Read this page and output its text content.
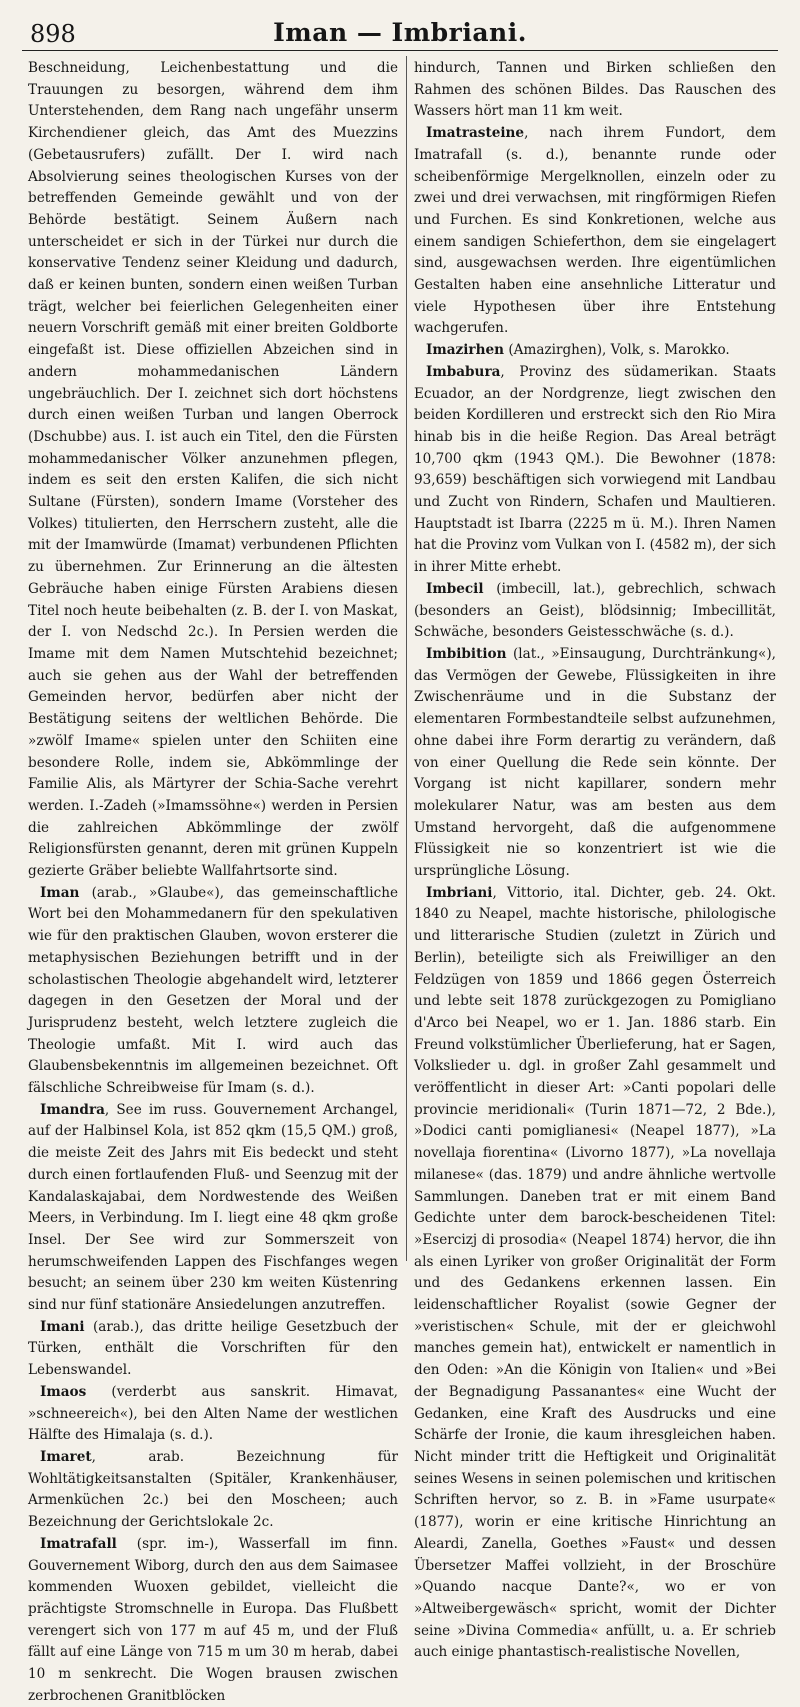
898	Iman — Imbriani.

Beschneidung, Leichenbestattung und die Trauungen zu besorgen, während dem ihm Unterstehenden, dem Rang nach ungefähr unserm Kirchendiener gleich, das Amt des Muezzins (Gebetausrufers) zufällt. Der I. wird nach Absolvierung seines theologischen Kurses von der betreffenden Gemeinde gewählt und von der Behörde bestätigt. Seinem Äußern nach unterscheidet er sich in der Türkei nur durch die konservative Tendenz seiner Kleidung und dadurch, daß er keinen bunten, sondern einen weißen Turban trägt, welcher bei feierlichen Gelegenheiten einer neuern Vorschrift gemäß mit einer breiten Goldborte eingefaßt ist. Diese offiziellen Abzeichen sind in andern mohammedanischen Ländern ungebräuchlich. Der I. zeichnet sich dort höchstens durch einen weißen Turban und langen Oberrock (Dschubbe) aus. I. ist auch ein Titel, den die Fürsten mohammedanischer Völker anzunehmen pflegen, indem es seit den ersten Kalifen, die sich nicht Sultane (Fürsten), sondern Imame (Vorsteher des Volkes) titulierten, den Herrschern zusteht, alle die mit der Imamwürde (Imamat) verbundenen Pflichten zu übernehmen. Zur Erinnerung an die ältesten Gebräuche haben einige Fürsten Arabiens diesen Titel noch heute beibehalten (z. B. der I. von Maskat, der I. von Nedschd 2c.). In Persien werden die Imame mit dem Namen Mutschtehid bezeichnet; auch sie gehen aus der Wahl der betreffenden Gemeinden hervor, bedürfen aber nicht der Bestätigung seitens der weltlichen Behörde. Die »zwölf Imame« spielen unter den Schiiten eine besondere Rolle, indem sie, Abkömmlinge der Familie Alis, als Märtyrer der Schia-Sache verehrt werden. I.-Zadeh (»Imamssöhne«) werden in Persien die zahlreichen Abkömmlinge der zwölf Religionsfürsten genannt, deren mit grünen Kuppeln gezierte Gräber beliebte Wallfahrtsorte sind.

Iman (arab., »Glaube«), das gemeinschaftliche Wort bei den Mohammedanern für den spekulativen wie für den praktischen Glauben, wovon ersterer die metaphysischen Beziehungen betrifft und in der scholastischen Theologie abgehandelt wird, letzterer dagegen in den Gesetzen der Moral und der Jurisprudenz besteht, welch letztere zugleich die Theologie umfaßt. Mit I. wird auch das Glaubensbekenntnis im allgemeinen bezeichnet. Oft fälschliche Schreibweise für Imam (s. d.).

Imandra, See im russ. Gouvernement Archangel, auf der Halbinsel Kola, ist 852 qkm (15,5 QM.) groß, die meiste Zeit des Jahrs mit Eis bedeckt und steht durch einen fortlaufenden Fluß- und Seenzug mit der Kandalaskajabai, dem Nordwestende des Weißen Meers, in Verbindung. Im I. liegt eine 48 qkm große Insel. Der See wird zur Sommerszeit von herumschweifenden Lappen des Fischfanges wegen besucht; an seinem über 230 km weiten Küstenring sind nur fünf stationäre Ansiedelungen anzutreffen.

Imani (arab.), das dritte heilige Gesetzbuch der Türken, enthält die Vorschriften für den Lebenswandel.

Imaos (verderbt aus sanskrit. Himavat, »schneereich«), bei den Alten Name der westlichen Hälfte des Himalaja (s. d.).

Imaret, arab. Bezeichnung für Wohltätigkeitsanstalten (Spitäler, Krankenhäuser, Armenküchen 2c.) bei den Moscheen; auch Bezeichnung der Gerichtslokale 2c.

Imatrafall (spr. im-), Wasserfall im finn. Gouvernement Wiborg, durch den aus dem Saimasee kommenden Wuoxen gebildet, vielleicht die prächtigste Stromschnelle in Europa. Das Flußbett verengert sich von 177 m auf 45 m, und der Fluß fällt auf eine Länge von 715 m um 30 m herab, dabei 10 m senkrecht. Die Wogen brausen zwischen zerbrochenen Granitblöcken

hindurch, Tannen und Birken schließen den Rahmen des schönen Bildes. Das Rauschen des Wassers hört man 11 km weit.

Imatrasteine, nach ihrem Fundort, dem Imatrafall (s. d.), benannte runde oder scheibenförmige Mergelknollen, einzeln oder zu zwei und drei verwachsen, mit ringförmigen Riefen und Furchen. Es sind Konkretionen, welche aus einem sandigen Schieferthon, dem sie eingelagert sind, ausgewachsen werden. Ihre eigentümlichen Gestalten haben eine ansehnliche Litteratur und viele Hypothesen über ihre Entstehung wachgerufen.

Imazirhen (Amazirghen), Volk, s. Marokko.

Imbabura, Provinz des südamerikan. Staats Ecuador, an der Nordgrenze, liegt zwischen den beiden Kordilleren und erstreckt sich den Rio Mira hinab bis in die heiße Region. Das Areal beträgt 10,700 qkm (1943 QM.). Die Bewohner (1878: 93,659) beschäftigen sich vorwiegend mit Landbau und Zucht von Rindern, Schafen und Maultieren. Hauptstadt ist Ibarra (2225 m ü. M.). Ihren Namen hat die Provinz vom Vulkan von I. (4582 m), der sich in ihrer Mitte erhebt.

Imbecil (imbecill, lat.), gebrechlich, schwach (besonders an Geist), blödsinnig; Imbecillität, Schwäche, besonders Geistesschwäche (s. d.).

Imbibition (lat., »Einsaugung, Durchtränkung«), das Vermögen der Gewebe, Flüssigkeiten in ihre Zwischenräume und in die Substanz der elementaren Formbestandteile selbst aufzunehmen, ohne dabei ihre Form derartig zu verändern, daß von einer Quellung die Rede sein könnte. Der Vorgang ist nicht kapillarer, sondern mehr molekularer Natur, was am besten aus dem Umstand hervorgeht, daß die aufgenommene Flüssigkeit nie so konzentriert ist wie die ursprüngliche Lösung.

Imbriani, Vittorio, ital. Dichter, geb. 24. Okt. 1840 zu Neapel, machte historische, philologische und litterarische Studien (zuletzt in Zürich und Berlin), beteiligte sich als Freiwilliger an den Feldzügen von 1859 und 1866 gegen Österreich und lebte seit 1878 zurückgezogen zu Pomigliano d'Arco bei Neapel, wo er 1. Jan. 1886 starb. Ein Freund volkstümlicher Überlieferung, hat er Sagen, Volkslieder u. dgl. in großer Zahl gesammelt und veröffentlicht in dieser Art: »Canti popolari delle provincie meridionali« (Turin 1871—72, 2 Bde.), »Dodici canti pomiglianesi« (Neapel 1877), »La novellaja fiorentina« (Livorno 1877), »La novellaja milanese« (das. 1879) und andre ähnliche wertvolle Sammlungen. Daneben trat er mit einem Band Gedichte unter dem barock-bescheidenen Titel: »Esercizj di prosodia« (Neapel 1874) hervor, die ihn als einen Lyriker von großer Originalität der Form und des Gedankens erkennen lassen. Ein leidenschaftlicher Royalist (sowie Gegner der »veristischen« Schule, mit der er gleichwohl manches gemein hat), entwickelt er namentlich in den Oden: »An die Königin von Italien« und »Bei der Begnadigung Passanantes« eine Wucht der Gedanken, eine Kraft des Ausdrucks und eine Schärfe der Ironie, die kaum ihresgleichen haben. Nicht minder tritt die Heftigkeit und Originalität seines Wesens in seinen polemischen und kritischen Schriften hervor, so z. B. in »Fame usurpate« (1877), worin er eine kritische Hinrichtung an Aleardi, Zanella, Goethes »Faust« und dessen Übersetzer Maffei vollzieht, in der Broschüre »Quando nacque Dante?«, wo er von »Altweibergewäsch« spricht, womit der Dichter seine »Divina Commedia« anfüllt, u. a. Er schrieb auch einige phantastisch-realistische Novellen,
